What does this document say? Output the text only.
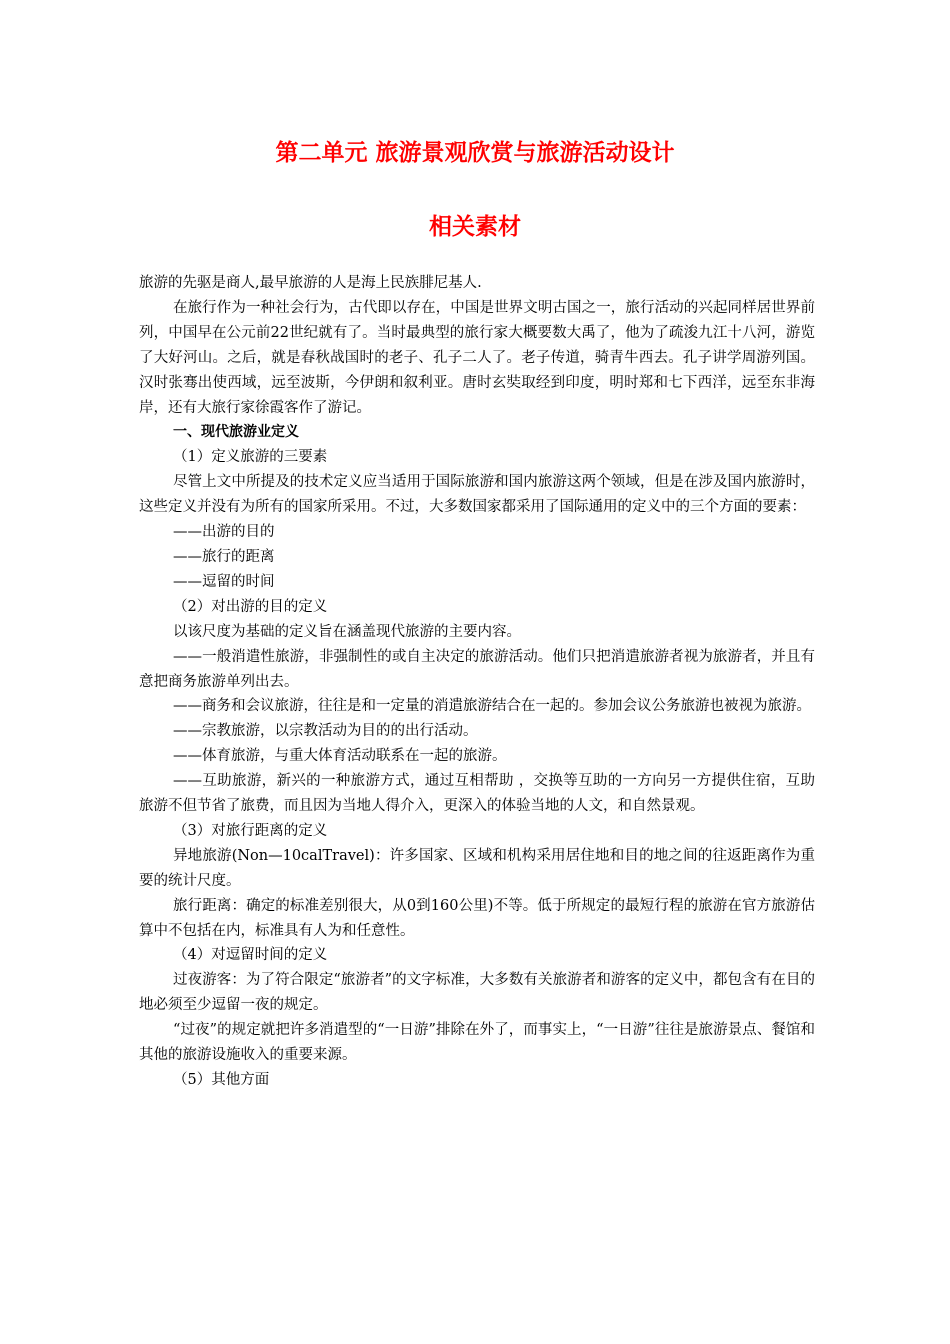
第二单元 旅游景观欣赏与旅游活动设计
相关素材

旅游的先驱是商人,最早旅游的人是海上民族腓尼基人.

在旅行作为一种社会行为，古代即以存在，中国是世界文明古国之一，旅行活动的兴起同样居世界前列，中国早在公元前22世纪就有了。当时最典型的旅行家大概要数大禹了，他为了疏浚九江十八河，游览了大好河山。之后，就是春秋战国时的老子、孔子二人了。老子传道，骑青牛西去。孔子讲学周游列国。汉时张骞出使西域，远至波斯，今伊朗和叙利亚。唐时玄奘取经到印度，明时郑和七下西洋，远至东非海岸，还有大旅行家徐霞客作了游记。

一、现代旅游业定义

（1）定义旅游的三要素

尽管上文中所提及的技术定义应当适用于国际旅游和国内旅游这两个领域，但是在涉及国内旅游时，这些定义并没有为所有的国家所采用。不过，大多数国家都采用了国际通用的定义中的三个方面的要素：

——出游的目的

——旅行的距离

——逗留的时间

（2）对出游的目的定义

以该尺度为基础的定义旨在涵盖现代旅游的主要内容。

——一般消遣性旅游，非强制性的或自主决定的旅游活动。他们只把消遣旅游者视为旅游者，并且有意把商务旅游单列出去。

——商务和会议旅游，往往是和一定量的消遣旅游结合在一起的。参加会议公务旅游也被视为旅游。

——宗教旅游，以宗教活动为目的的出行活动。

——体育旅游，与重大体育活动联系在一起的旅游。

——互助旅游，新兴的一种旅游方式，通过互相帮助 ，交换等互助的一方向另一方提供住宿，互助旅游不但节省了旅费，而且因为当地人得介入，更深入的体验当地的人文，和自然景观。

（3）对旅行距离的定义

异地旅游(Non—10calTravel)：许多国家、区域和机构采用居住地和目的地之间的往返距离作为重要的统计尺度。

旅行距离：确定的标准差别很大，从0到160公里)不等。低于所规定的最短行程的旅游在官方旅游估算中不包括在内，标准具有人为和任意性。

（4）对逗留时间的定义

过夜游客：为了符合限定“旅游者”的文字标准，大多数有关旅游者和游客的定义中，都包含有在目的地必须至少逗留一夜的规定。

“过夜”的规定就把许多消遣型的“一日游”排除在外了，而事实上，“一日游”往往是旅游景点、餐馆和其他的旅游设施收入的重要来源。

（5）其他方面
